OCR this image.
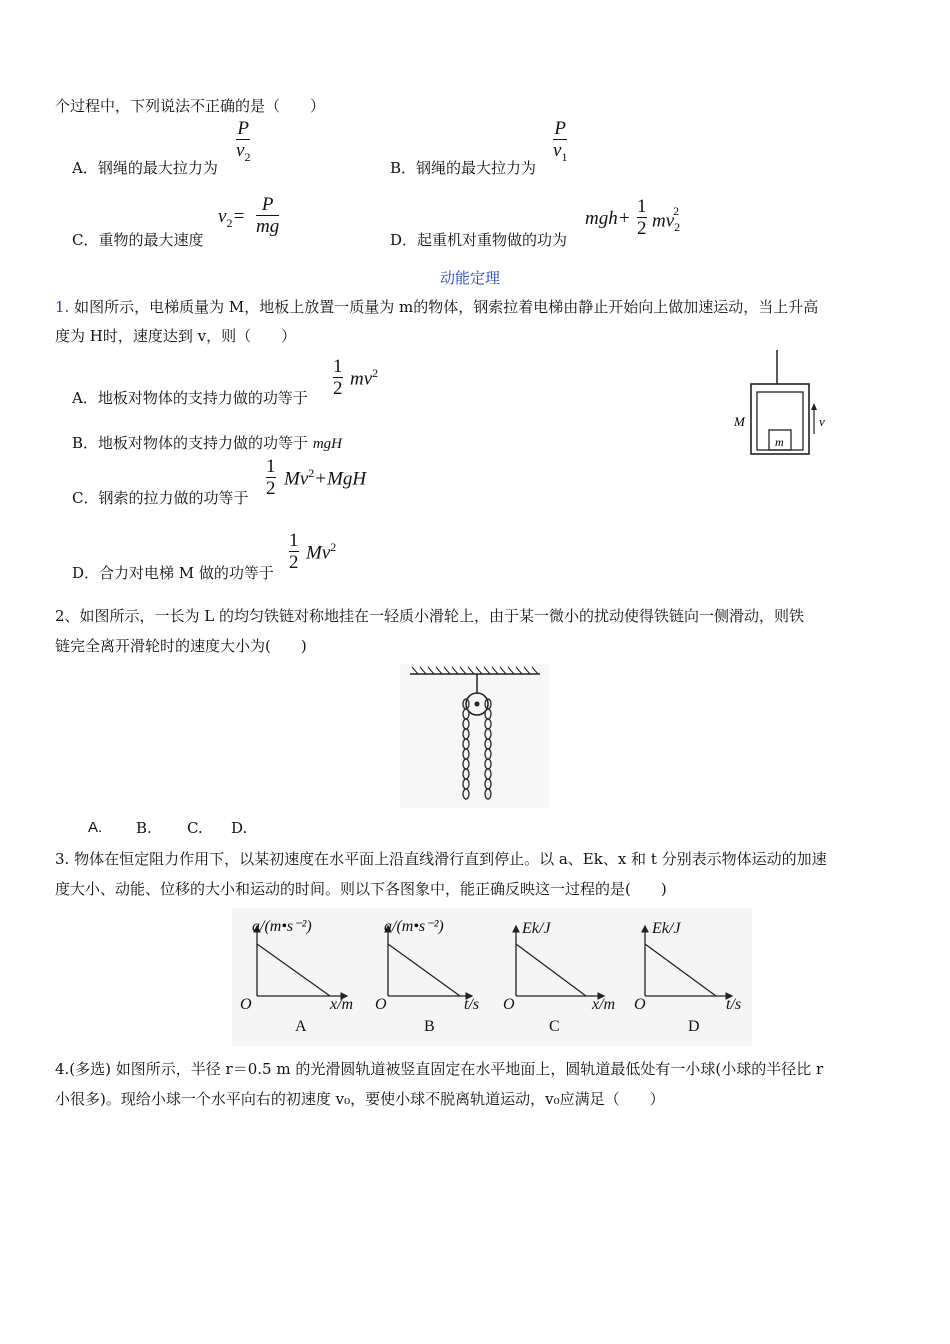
个过程中，下列说法不正确的是（　　）
A．钢绳的最大拉力为
P
$v_2$
B．钢绳的最大拉力为
P
$v_1$
C．重物的最大速度
$v_2=$
P
mg
D．起重机对重物做的功为
mgh+
1
2 $mv_2^2$
动能定理
1. 如图所示，电梯质量为 M，地板上放置一质量为 m的物体，钢索拉着电梯由静止开始向上做加速运动，当上升高
度为 H时，速度达到 v，则（　　）
A．地板对物体的支持力做的功等于
1
2 $mv^2$
B．地板对物体的支持力做的功等于 mgH
C．钢索的拉力做的功等于
1
2 $Mv^2+MgH$
D．合力对电梯 M 做的功等于
1
2 Mv$^2$
M
m
v
2、如图所示，一长为 L 的均匀铁链对称地挂在一轻质小滑轮上，由于某一微小的扰动使得铁链向一侧滑动，则铁
链完全离开滑轮时的速度大小为(　　)
A. B. C. D.
3. 物体在恒定阻力作用下，以某初速度在水平面上沿直线滑行直到停止。以 a、Ek、x 和 t 分别表示物体运动的加速
度大小、动能、位移的大小和运动的时间。则以下各图象中，能正确反映这一过程的是(　　)
a/(m•s⁻²)
O	x/m
A
a/(m•s⁻²)
O	t/s
B
Ek/J
O	x/m
C
Ek/J
O	t/s
D
4.(多选) 如图所示，半径 r＝0.5 m 的光滑圆轨道被竖直固定在水平地面上，圆轨道最低处有一小球(小球的半径比 r
小很多)。现给小球一个水平向右的初速度 v₀，要使小球不脱离轨道运动，v₀应满足（　　）
